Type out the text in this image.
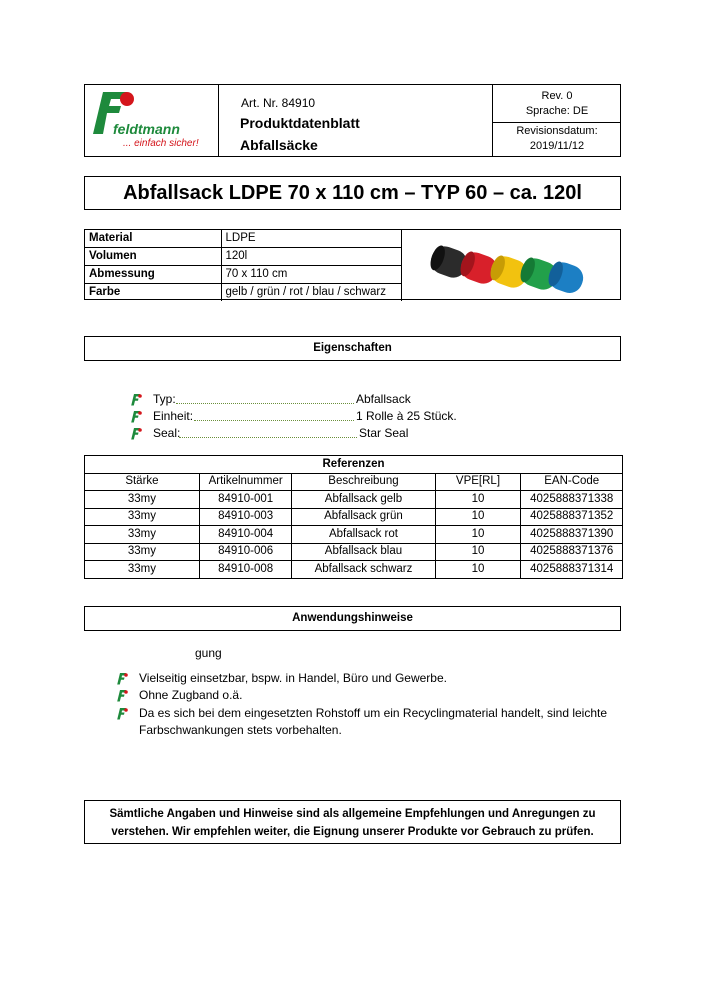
feldtmann
... einfach sicher!
Art. Nr. 84910
Produktdatenblatt
Abfallsäcke
Rev. 0
Sprache: DE
Revisionsdatum:
2019/11/12
Abfallsack LDPE 70 x 110 cm – TYP 60 – ca. 120l
Material	LDPE
Volumen	120l
Abmessung	70 x 110 cm
Farbe	gelb / grün / rot / blau / schwarz
Eigenschaften
Typ:	Abfallsack
Einheit:	1 Rolle à 25 Stück.
Seal:	Star Seal
Referenzen				
Stärke	Artikelnummer	Beschreibung	VPE[RL]	EAN-Code
33my	84910-001	Abfallsack gelb	10	4025888371338
33my	84910-003	Abfallsack grün	10	4025888371352
33my	84910-004	Abfallsack rot	10	4025888371390
33my	84910-006	Abfallsack blau	10	4025888371376
33my	84910-008	Abfallsack schwarz	10	4025888371314
Anwendungshinweise
gung
Vielseitig einsetzbar, bspw. in Handel, Büro und Gewerbe.
Ohne Zugband o.ä.
Da es sich bei dem eingesetzten Rohstoff um ein Recyclingmaterial handelt, sind leichte Farbschwankungen stets vorbehalten.
Sämtliche Angaben und Hinweise sind als allgemeine Empfehlungen und Anregungen zu
verstehen. Wir empfehlen weiter, die Eignung unserer Produkte vor Gebrauch zu prüfen.
